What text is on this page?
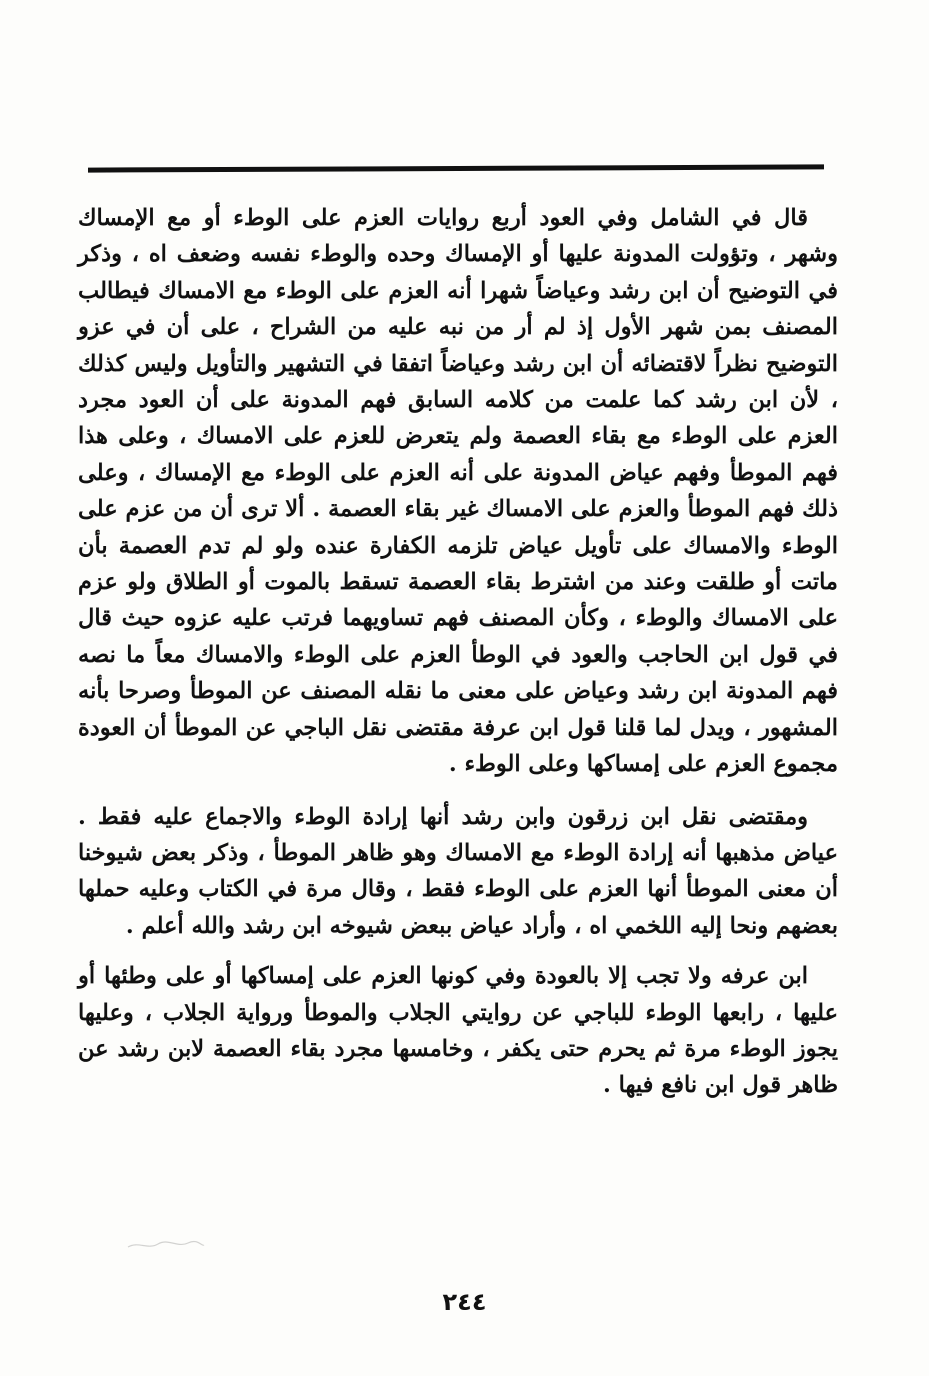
قال في الشامل وفي العود أربع روايات العزم على الوطء أو مع الإمساك وشهر ، وتؤولت المدونة عليها أو الإمساك وحده والوطء نفسه وضعف اه ، وذكر في التوضيح أن ابن رشد وعياضاً شهرا أنه العزم على الوطء مع الامساك فيطالب المصنف بمن شهر الأول إذ لم أر من نبه عليه من الشراح ، على أن في عزو التوضيح نظراً لاقتضائه أن ابن رشد وعياضاً اتفقا في التشهير والتأويل وليس كذلك ، لأن ابن رشد كما علمت من كلامه السابق فهم المدونة على أن العود مجرد العزم على الوطء مع بقاء العصمة ولم يتعرض للعزم على الامساك ، وعلى هذا فهم الموطأ وفهم عياض المدونة على أنه العزم على الوطء مع الإمساك ، وعلى ذلك فهم الموطأ والعزم على الامساك غير بقاء العصمة . ألا ترى أن من عزم على الوطء والامساك على تأويل عياض تلزمه الكفارة عنده ولو لم تدم العصمة بأن ماتت أو طلقت وعند من اشترط بقاء العصمة تسقط بالموت أو الطلاق ولو عزم على الامساك والوطء ، وكأن المصنف فهم تساويهما فرتب عليه عزوه حيث قال في قول ابن الحاجب والعود في الوطأ العزم على الوطء والامساك معاً ما نصه فهم المدونة ابن رشد وعياض على معنى ما نقله المصنف عن الموطأ وصرحا بأنه المشهور ، ويدل لما قلنا قول ابن عرفة مقتضى نقل الباجي عن الموطأ أن العودة مجموع العزم على إمساكها وعلى الوطء .

ومقتضى نقل ابن زرقون وابن رشد أنها إرادة الوطء والاجماع عليه فقط . عياض مذهبها أنه إرادة الوطء مع الامساك وهو ظاهر الموطأ ، وذكر بعض شيوخنا أن معنى الموطأ أنها العزم على الوطء فقط ، وقال مرة في الكتاب وعليه حملها بعضهم ونحا إليه اللخمي اه ، وأراد عياض ببعض شيوخه ابن رشد والله أعلم .

ابن عرفه ولا تجب إلا بالعودة وفي كونها العزم على إمساكها أو على وطئها أو عليها ، رابعها الوطء للباجي عن روايتي الجلاب والموطأ ورواية الجلاب ، وعليها يجوز الوطء مرة ثم يحرم حتى يكفر ، وخامسها مجرد بقاء العصمة لابن رشد عن ظاهر قول ابن نافع فيها .

٢٤٤
